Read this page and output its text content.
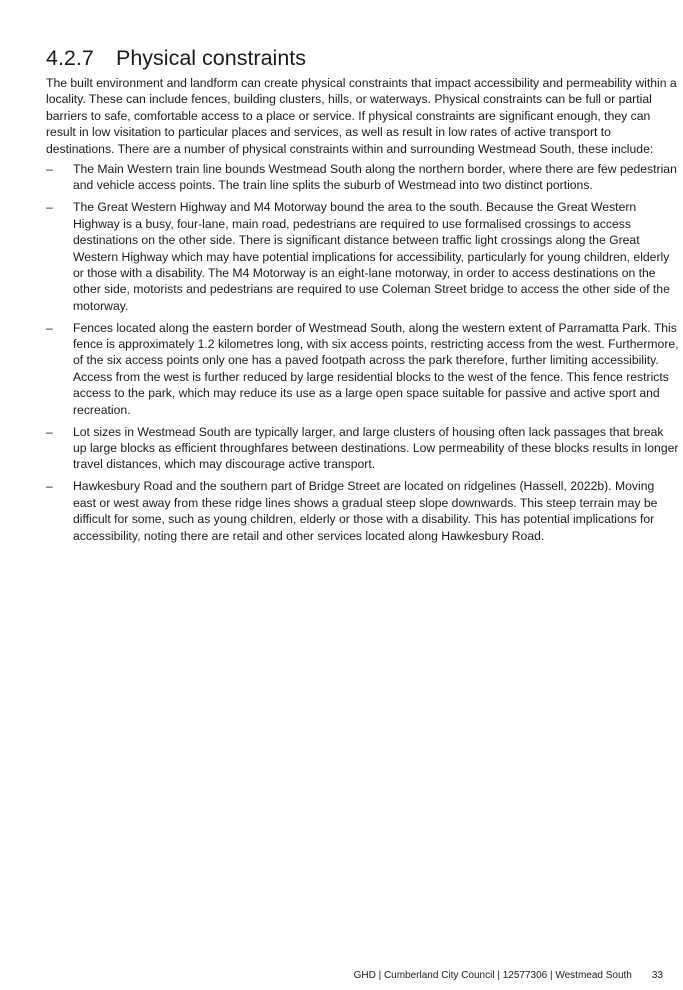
4.2.7 Physical constraints

The built environment and landform can create physical constraints that impact accessibility and permeability within a locality. These can include fences, building clusters, hills, or waterways. Physical constraints can be full or partial barriers to safe, comfortable access to a place or service. If physical constraints are significant enough, they can result in low visitation to particular places and services, as well as result in low rates of active transport to destinations. There are a number of physical constraints within and surrounding Westmead South, these include:

– The Main Western train line bounds Westmead South along the northern border, where there are few pedestrian and vehicle access points. The train line splits the suburb of Westmead into two distinct portions.
– The Great Western Highway and M4 Motorway bound the area to the south. Because the Great Western Highway is a busy, four-lane, main road, pedestrians are required to use formalised crossings to access destinations on the other side. There is significant distance between traffic light crossings along the Great Western Highway which may have potential implications for accessibility, particularly for young children, elderly or those with a disability. The M4 Motorway is an eight-lane motorway, in order to access destinations on the other side, motorists and pedestrians are required to use Coleman Street bridge to access the other side of the motorway.
– Fences located along the eastern border of Westmead South, along the western extent of Parramatta Park. This fence is approximately 1.2 kilometres long, with six access points, restricting access from the west. Furthermore, of the six access points only one has a paved footpath across the park therefore, further limiting accessibility. Access from the west is further reduced by large residential blocks to the west of the fence. This fence restricts access to the park, which may reduce its use as a large open space suitable for passive and active sport and recreation.
– Lot sizes in Westmead South are typically larger, and large clusters of housing often lack passages that break up large blocks as efficient throughfares between destinations. Low permeability of these blocks results in longer travel distances, which may discourage active transport.
– Hawkesbury Road and the southern part of Bridge Street are located on ridgelines (Hassell, 2022b). Moving east or west away from these ridge lines shows a gradual steep slope downwards. This steep terrain may be difficult for some, such as young children, elderly or those with a disability. This has potential implications for accessibility, noting there are retail and other services located along Hawkesbury Road.
GHD | Cumberland City Council | 12577306 | Westmead South 33
